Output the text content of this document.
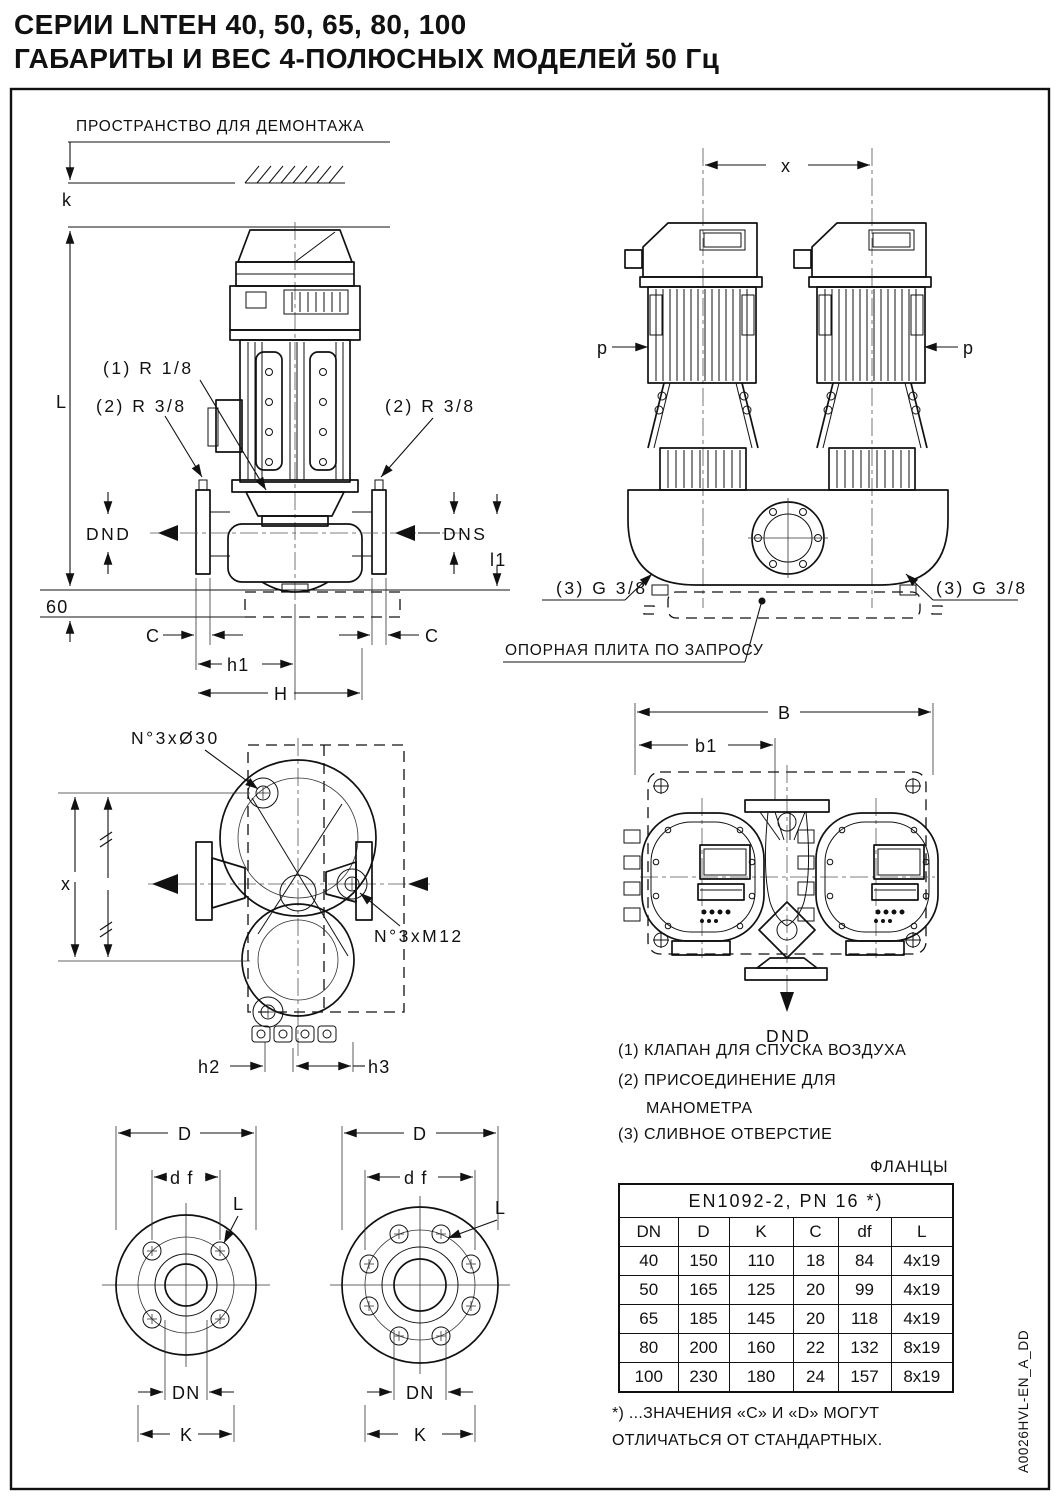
СЕРИИ LNTEH 40, 50, 65, 80, 100
ГАБАРИТЫ И ВЕС 4-ПОЛЮСНЫХ МОДЕЛЕЙ 50 Гц
ПРОСТРАНСТВО ДЛЯ ДЕМОНТАЖА
k
L
(1) R 1/8
(2) R 3/8	(2) R 3/8
DND	DNS
l1
60
C	C
h1
H
x
p	p
(3) G 3/8	(3) G 3/8
ОПОРНАЯ ПЛИТА ПО ЗАПРОСУ
N°3xØ30
x
N°3xM12
h2	h3
B
b1
DND
D
d f
L
DN
K
D
d f
L
DN
K
(1) КЛАПАН ДЛЯ СПУСКА ВОЗДУХА
(2) ПРИСОЕДИНЕНИЕ ДЛЯ
МАНОМЕТРА
(3) СЛИВНОЕ ОТВЕРСТИЕ
ФЛАНЦЫ
EN1092-2, PN 16 *)					
DN	D	K	C	df	L
40	150	110	18	84	4x19
50	165	125	20	99	4x19
65	185	145	20	118	4x19
80	200	160	22	132	8x19
100	230	180	24	157	8x19
*) ...ЗНАЧЕНИЯ «C» И «D» МОГУТ
ОТЛИЧАТЬСЯ ОТ СТАНДАРТНЫХ.	A0026HVL-EN_A_DD
